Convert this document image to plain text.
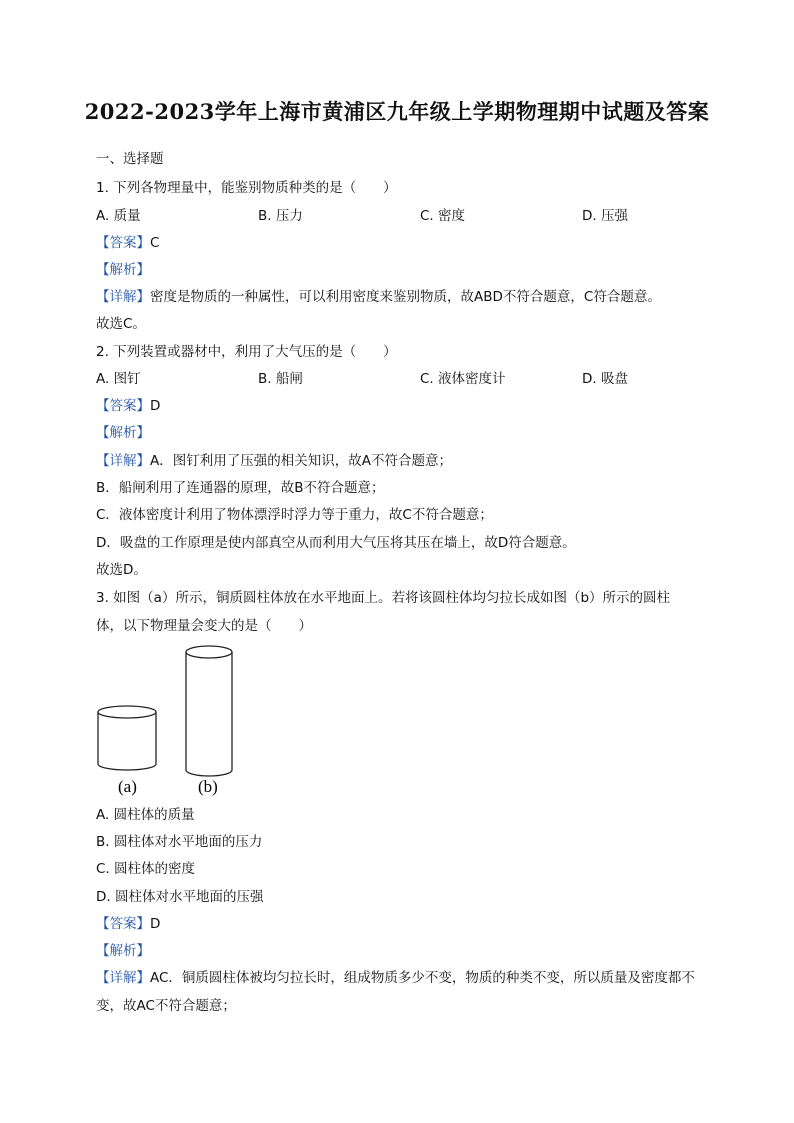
2022-2023学年上海市黄浦区九年级上学期物理期中试题及答案
一、选择题
1. 下列各物理量中，能鉴别物质种类的是（　　）
A. 质量	B. 压力	C. 密度	D. 压强
【答案】C
【解析】
【详解】密度是物质的一种属性，可以利用密度来鉴别物质，故ABD不符合题意，C符合题意。
故选C。
2. 下列装置或器材中，利用了大气压的是（　　）
A. 图钉	B. 船闸	C. 液体密度计	D. 吸盘
【答案】D
【解析】
【详解】A．图钉利用了压强的相关知识，故A不符合题意；
B．船闸利用了连通器的原理，故B不符合题意；
C．液体密度计利用了物体漂浮时浮力等于重力，故C不符合题意；
D．吸盘的工作原理是使内部真空从而利用大气压将其压在墙上，故D符合题意。
故选D。
3. 如图（a）所示，铜质圆柱体放在水平地面上。若将该圆柱体均匀拉长成如图（b）所示的圆柱体，以下物理量会变大的是（　　）
(a)	(b)
A. 圆柱体的质量
B. 圆柱体对水平地面的压力
C. 圆柱体的密度
D. 圆柱体对水平地面的压强
【答案】D
【解析】
【详解】AC．铜质圆柱体被均匀拉长时，组成物质多少不变，物质的种类不变，所以质量及密度都不变，故AC不符合题意；
